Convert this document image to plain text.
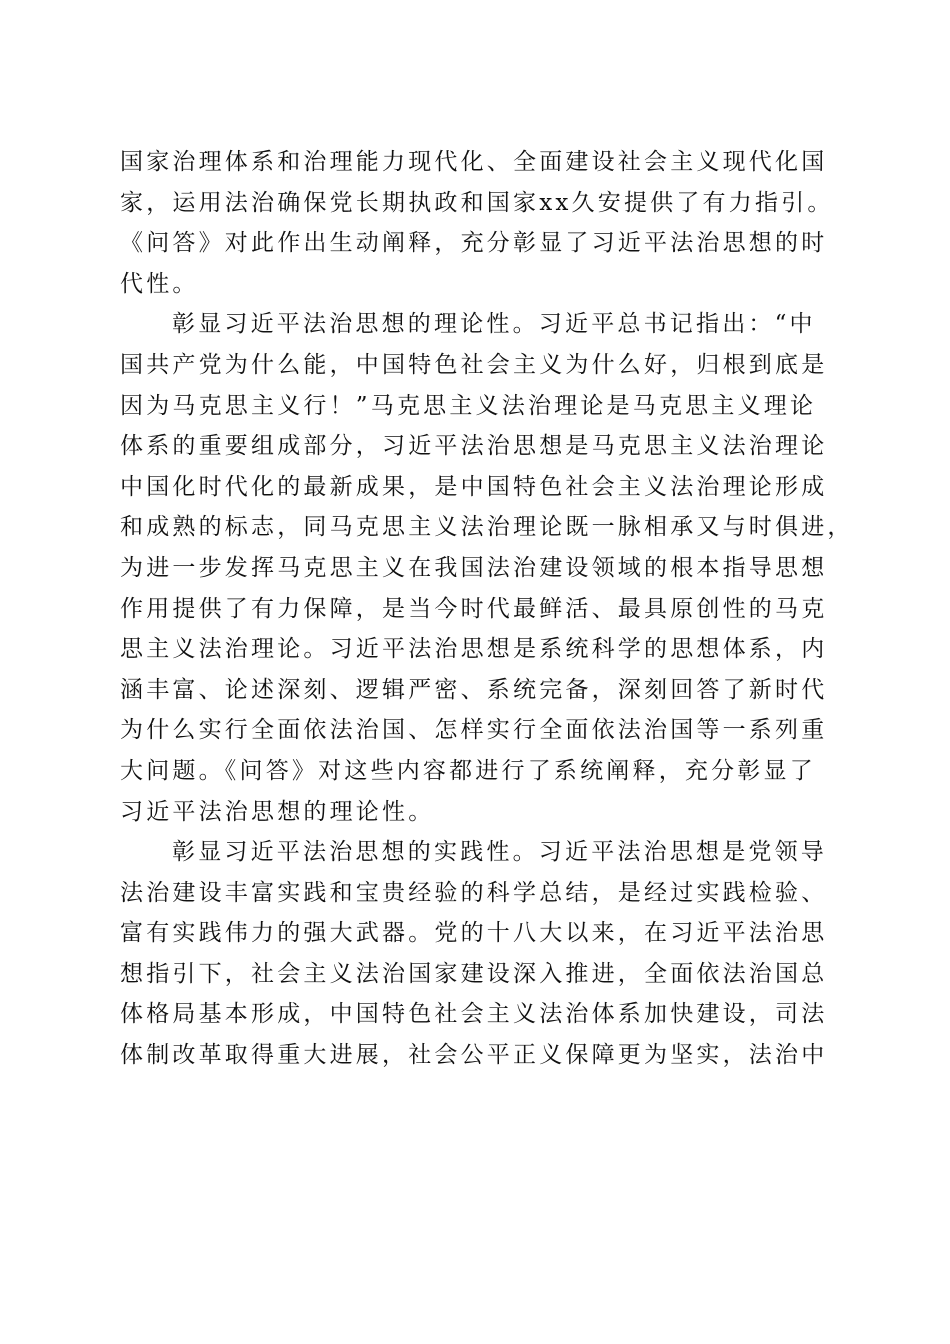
国家治理体系和治理能力现代化、全面建设社会主义现代化国
家，运用法治确保党长期执政和国家xx久安提供了有力指引。
《问答》对此作出生动阐释，充分彰显了习近平法治思想的时
代性。
彰显习近平法治思想的理论性。习近平总书记指出：“中
国共产党为什么能，中国特色社会主义为什么好，归根到底是
因为马克思主义行！”马克思主义法治理论是马克思主义理论
体系的重要组成部分，习近平法治思想是马克思主义法治理论
中国化时代化的最新成果，是中国特色社会主义法治理论形成
和成熟的标志，同马克思主义法治理论既一脉相承又与时俱进，
为进一步发挥马克思主义在我国法治建设领域的根本指导思想
作用提供了有力保障，是当今时代最鲜活、最具原创性的马克
思主义法治理论。习近平法治思想是系统科学的思想体系，内
涵丰富、论述深刻、逻辑严密、系统完备，深刻回答了新时代
为什么实行全面依法治国、怎样实行全面依法治国等一系列重
大问题。《问答》对这些内容都进行了系统阐释，充分彰显了
习近平法治思想的理论性。
彰显习近平法治思想的实践性。习近平法治思想是党领导
法治建设丰富实践和宝贵经验的科学总结，是经过实践检验、
富有实践伟力的强大武器。党的十八大以来，在习近平法治思
想指引下，社会主义法治国家建设深入推进，全面依法治国总
体格局基本形成，中国特色社会主义法治体系加快建设，司法
体制改革取得重大进展，社会公平正义保障更为坚实，法治中
